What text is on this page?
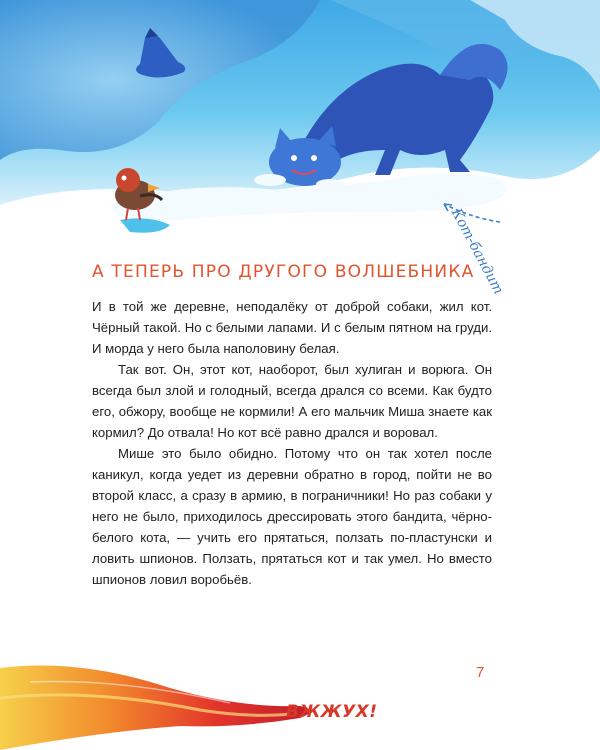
Кот-бандит
А ТЕПЕРЬ ПРО ДРУГОГО ВОЛШЕБНИКА

И в той же деревне, неподалёку от доброй собаки, жил кот. Чёрный такой. Но с белыми лапами. И с белым пятном на груди. И морда у него была наполовину белая.

Так вот. Он, этот кот, наоборот, был хулиган и ворюга. Он всегда был злой и голодный, всегда дрался со всеми. Как будто его, обжору, вообще не кормили! А его мальчик Миша знаете как кормил? До отвала! Но кот всё равно дрался и воровал.

Мише это было обидно. Потому что он так хотел после каникул, когда уедет из деревни обратно в город, пойти не во второй класс, а сразу в армию, в пограничники! Но раз собаки у него не было, приходилось дрессировать этого бандита, чёрно-белого кота, — учить его прятаться, ползать по-пластунски и ловить шпионов. Ползать, прятаться кот и так умел. Но вместо шпионов ловил воробьёв.

7
ВЖЖУХ!
